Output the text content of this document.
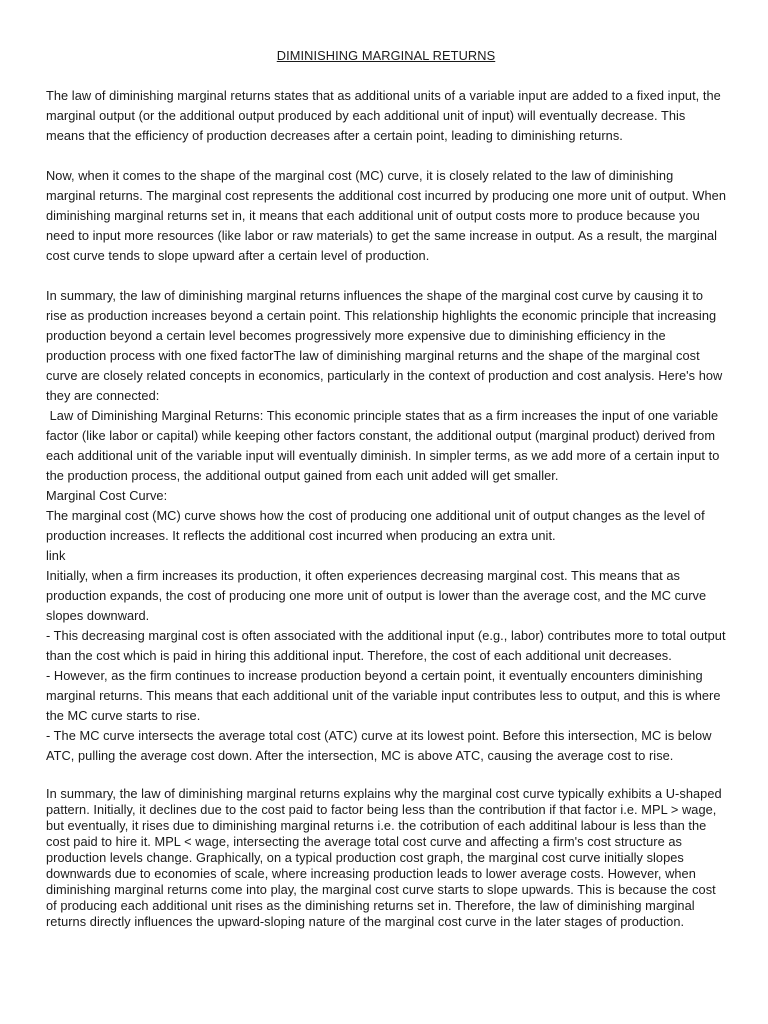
DIMINISHING MARGINAL RETURNS

The law of diminishing marginal returns states that as additional units of a variable input are added to a fixed input, the marginal output (or the additional output produced by each additional unit of input) will eventually decrease. This means that the efficiency of production decreases after a certain point, leading to diminishing returns.

Now, when it comes to the shape of the marginal cost (MC) curve, it is closely related to the law of diminishing marginal returns. The marginal cost represents the additional cost incurred by producing one more unit of output. When diminishing marginal returns set in, it means that each additional unit of output costs more to produce because you need to input more resources (like labor or raw materials) to get the same increase in output. As a result, the marginal cost curve tends to slope upward after a certain level of production.

In summary, the law of diminishing marginal returns influences the shape of the marginal cost curve by causing it to rise as production increases beyond a certain point. This relationship highlights the economic principle that increasing production beyond a certain level becomes progressively more expensive due to diminishing efficiency in the production process with one fixed factorThe law of diminishing marginal returns and the shape of the marginal cost curve are closely related concepts in economics, particularly in the context of production and cost analysis. Here's how they are connected:

Law of Diminishing Marginal Returns: This economic principle states that as a firm increases the input of one variable factor (like labor or capital) while keeping other factors constant, the additional output (marginal product) derived from each additional unit of the variable input will eventually diminish. In simpler terms, as we add more of a certain input to the production process, the additional output gained from each unit added will get smaller.

Marginal Cost Curve:

The marginal cost (MC) curve shows how the cost of producing one additional unit of output changes as the level of production increases. It reflects the additional cost incurred when producing an extra unit.

link

Initially, when a firm increases its production, it often experiences decreasing marginal cost. This means that as production expands, the cost of producing one more unit of output is lower than the average cost, and the MC curve slopes downward.

- This decreasing marginal cost is often associated with the additional input (e.g., labor) contributes more to total output than the cost which is paid in hiring this additional input. Therefore, the cost of each additional unit decreases.

- However, as the firm continues to increase production beyond a certain point, it eventually encounters diminishing marginal returns. This means that each additional unit of the variable input contributes less to output, and this is where the MC curve starts to rise.

- The MC curve intersects the average total cost (ATC) curve at its lowest point. Before this intersection, MC is below ATC, pulling the average cost down. After the intersection, MC is above ATC, causing the average cost to rise.

In summary, the law of diminishing marginal returns explains why the marginal cost curve typically exhibits a U-shaped pattern. Initially, it declines due to the cost paid to factor being less than the contribution if that factor i.e. MPL > wage, but eventually, it rises due to diminishing marginal returns i.e. the cotribution of each additinal labour is less than the cost paid to hire it. MPL < wage, intersecting the average total cost curve and affecting a firm's cost structure as production levels change. Graphically, on a typical production cost graph, the marginal cost curve initially slopes downwards due to economies of scale, where increasing production leads to lower average costs. However, when diminishing marginal returns come into play, the marginal cost curve starts to slope upwards. This is because the cost of producing each additional unit rises as the diminishing returns set in. Therefore, the law of diminishing marginal returns directly influences the upward-sloping nature of the marginal cost curve in the later stages of production.
